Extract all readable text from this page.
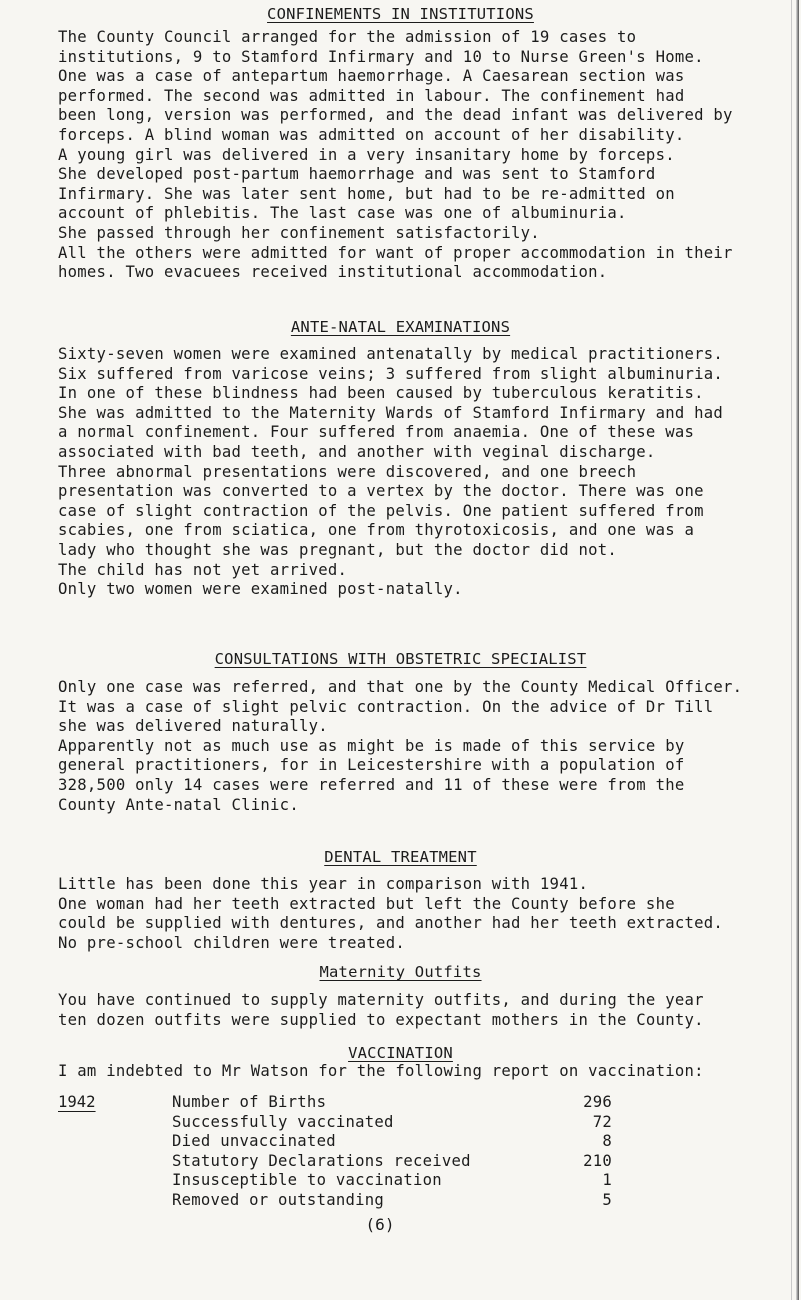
CONFINEMENTS IN INSTITUTIONS
The County Council arranged for the admission of 19 cases to
institutions, 9 to Stamford Infirmary and 10 to Nurse Green's Home.
One was a case of antepartum haemorrhage. A Caesarean section was
performed. The second was admitted in labour. The confinement had
been long, version was performed, and the dead infant was delivered by
forceps. A blind woman was admitted on account of her disability.
A young girl was delivered in a very insanitary home by forceps.
She developed post-partum haemorrhage and was sent to Stamford
Infirmary. She was later sent home, but had to be re-admitted on
account of phlebitis. The last case was one of albuminuria.
She passed through her confinement satisfactorily.
All the others were admitted for want of proper accommodation in their
homes. Two evacuees received institutional accommodation.
ANTE-NATAL EXAMINATIONS
Sixty-seven women were examined antenatally by medical practitioners.
Six suffered from varicose veins; 3 suffered from slight albuminuria.
In one of these blindness had been caused by tuberculous keratitis.
She was admitted to the Maternity Wards of Stamford Infirmary and had
a normal confinement. Four suffered from anaemia. One of these was
associated with bad teeth, and another with veginal discharge.
Three abnormal presentations were discovered, and one breech
presentation was converted to a vertex by the doctor. There was one
case of slight contraction of the pelvis. One patient suffered from
scabies, one from sciatica, one from thyrotoxicosis, and one was a
lady who thought she was pregnant, but the doctor did not.
The child has not yet arrived.
Only two women were examined post-natally.
CONSULTATIONS WITH OBSTETRIC SPECIALIST
Only one case was referred, and that one by the County Medical Officer.
It was a case of slight pelvic contraction. On the advice of Dr Till
she was delivered naturally.
Apparently not as much use as might be is made of this service by
general practitioners, for in Leicestershire with a population of
328,500 only 14 cases were referred and 11 of these were from the
County Ante-natal Clinic.
DENTAL TREATMENT
Little has been done this year in comparison with 1941.
One woman had her teeth extracted but left the County before she
could be supplied with dentures, and another had her teeth extracted.
No pre-school children were treated.
Maternity Outfits
You have continued to supply maternity outfits, and during the year
ten dozen outfits were supplied to expectant mothers in the County.
VACCINATION
I am indebted to Mr Watson for the following report on vaccination:
1942	Number of Births	296
Successfully vaccinated	72
Died unvaccinated	8
Statutory Declarations received	210
Insusceptible to vaccination	1
Removed or outstanding	5
(6)
